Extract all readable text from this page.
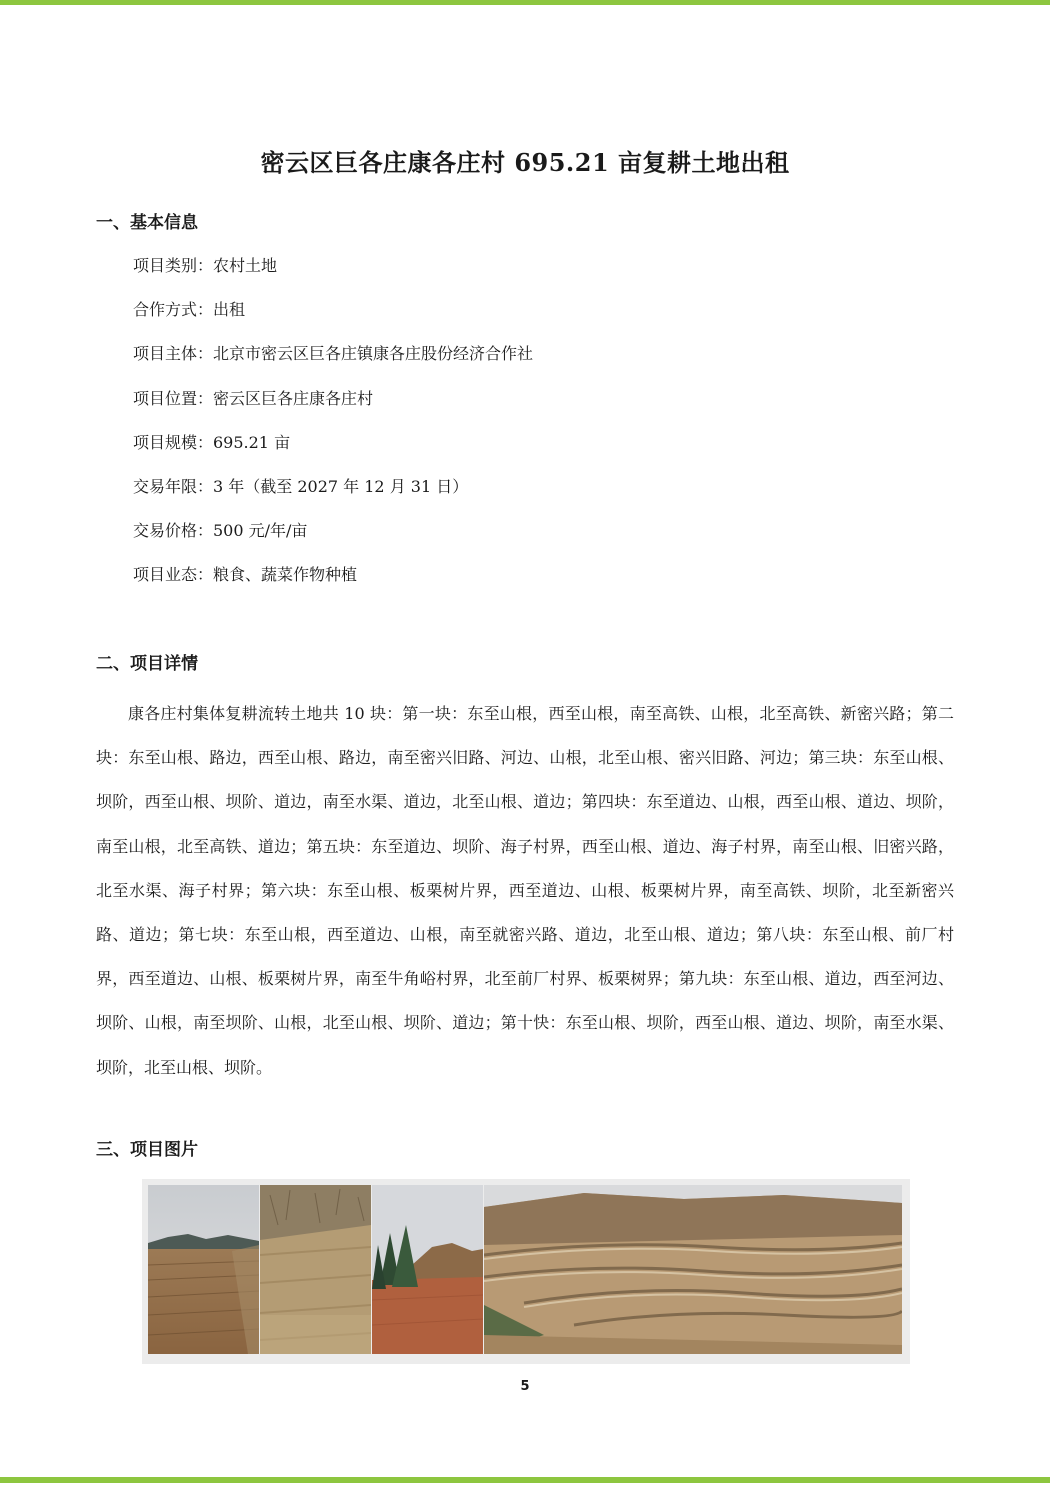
密云区巨各庄康各庄村 695.21 亩复耕土地出租
一、基本信息
项目类别：农村土地
合作方式：出租
项目主体：北京市密云区巨各庄镇康各庄股份经济合作社
项目位置：密云区巨各庄康各庄村
项目规模：695.21 亩
交易年限：3 年（截至 2027 年 12 月 31 日）
交易价格：500 元/年/亩
项目业态：粮食、蔬菜作物种植
二、项目详情

康各庄村集体复耕流转土地共 10 块：第一块：东至山根，西至山根，南至高铁、山根，北至高铁、新密兴路；第二块：东至山根、路边，西至山根、路边，南至密兴旧路、河边、山根，北至山根、密兴旧路、河边；第三块：东至山根、坝阶，西至山根、坝阶、道边，南至水渠、道边，北至山根、道边；第四块：东至道边、山根，西至山根、道边、坝阶，南至山根，北至高铁、道边；第五块：东至道边、坝阶、海子村界，西至山根、道边、海子村界，南至山根、旧密兴路，北至水渠、海子村界；第六块：东至山根、板栗树片界，西至道边、山根、板栗树片界，南至高铁、坝阶，北至新密兴路、道边；第七块：东至山根，西至道边、山根，南至就密兴路、道边，北至山根、道边；第八块：东至山根、前厂村界，西至道边、山根、板栗树片界，南至牛角峪村界，北至前厂村界、板栗树界；第九块：东至山根、道边，西至河边、坝阶、山根，南至坝阶、山根，北至山根、坝阶、道边；第十快：东至山根、坝阶，西至山根、道边、坝阶，南至水渠、坝阶，北至山根、坝阶。

三、项目图片
5
